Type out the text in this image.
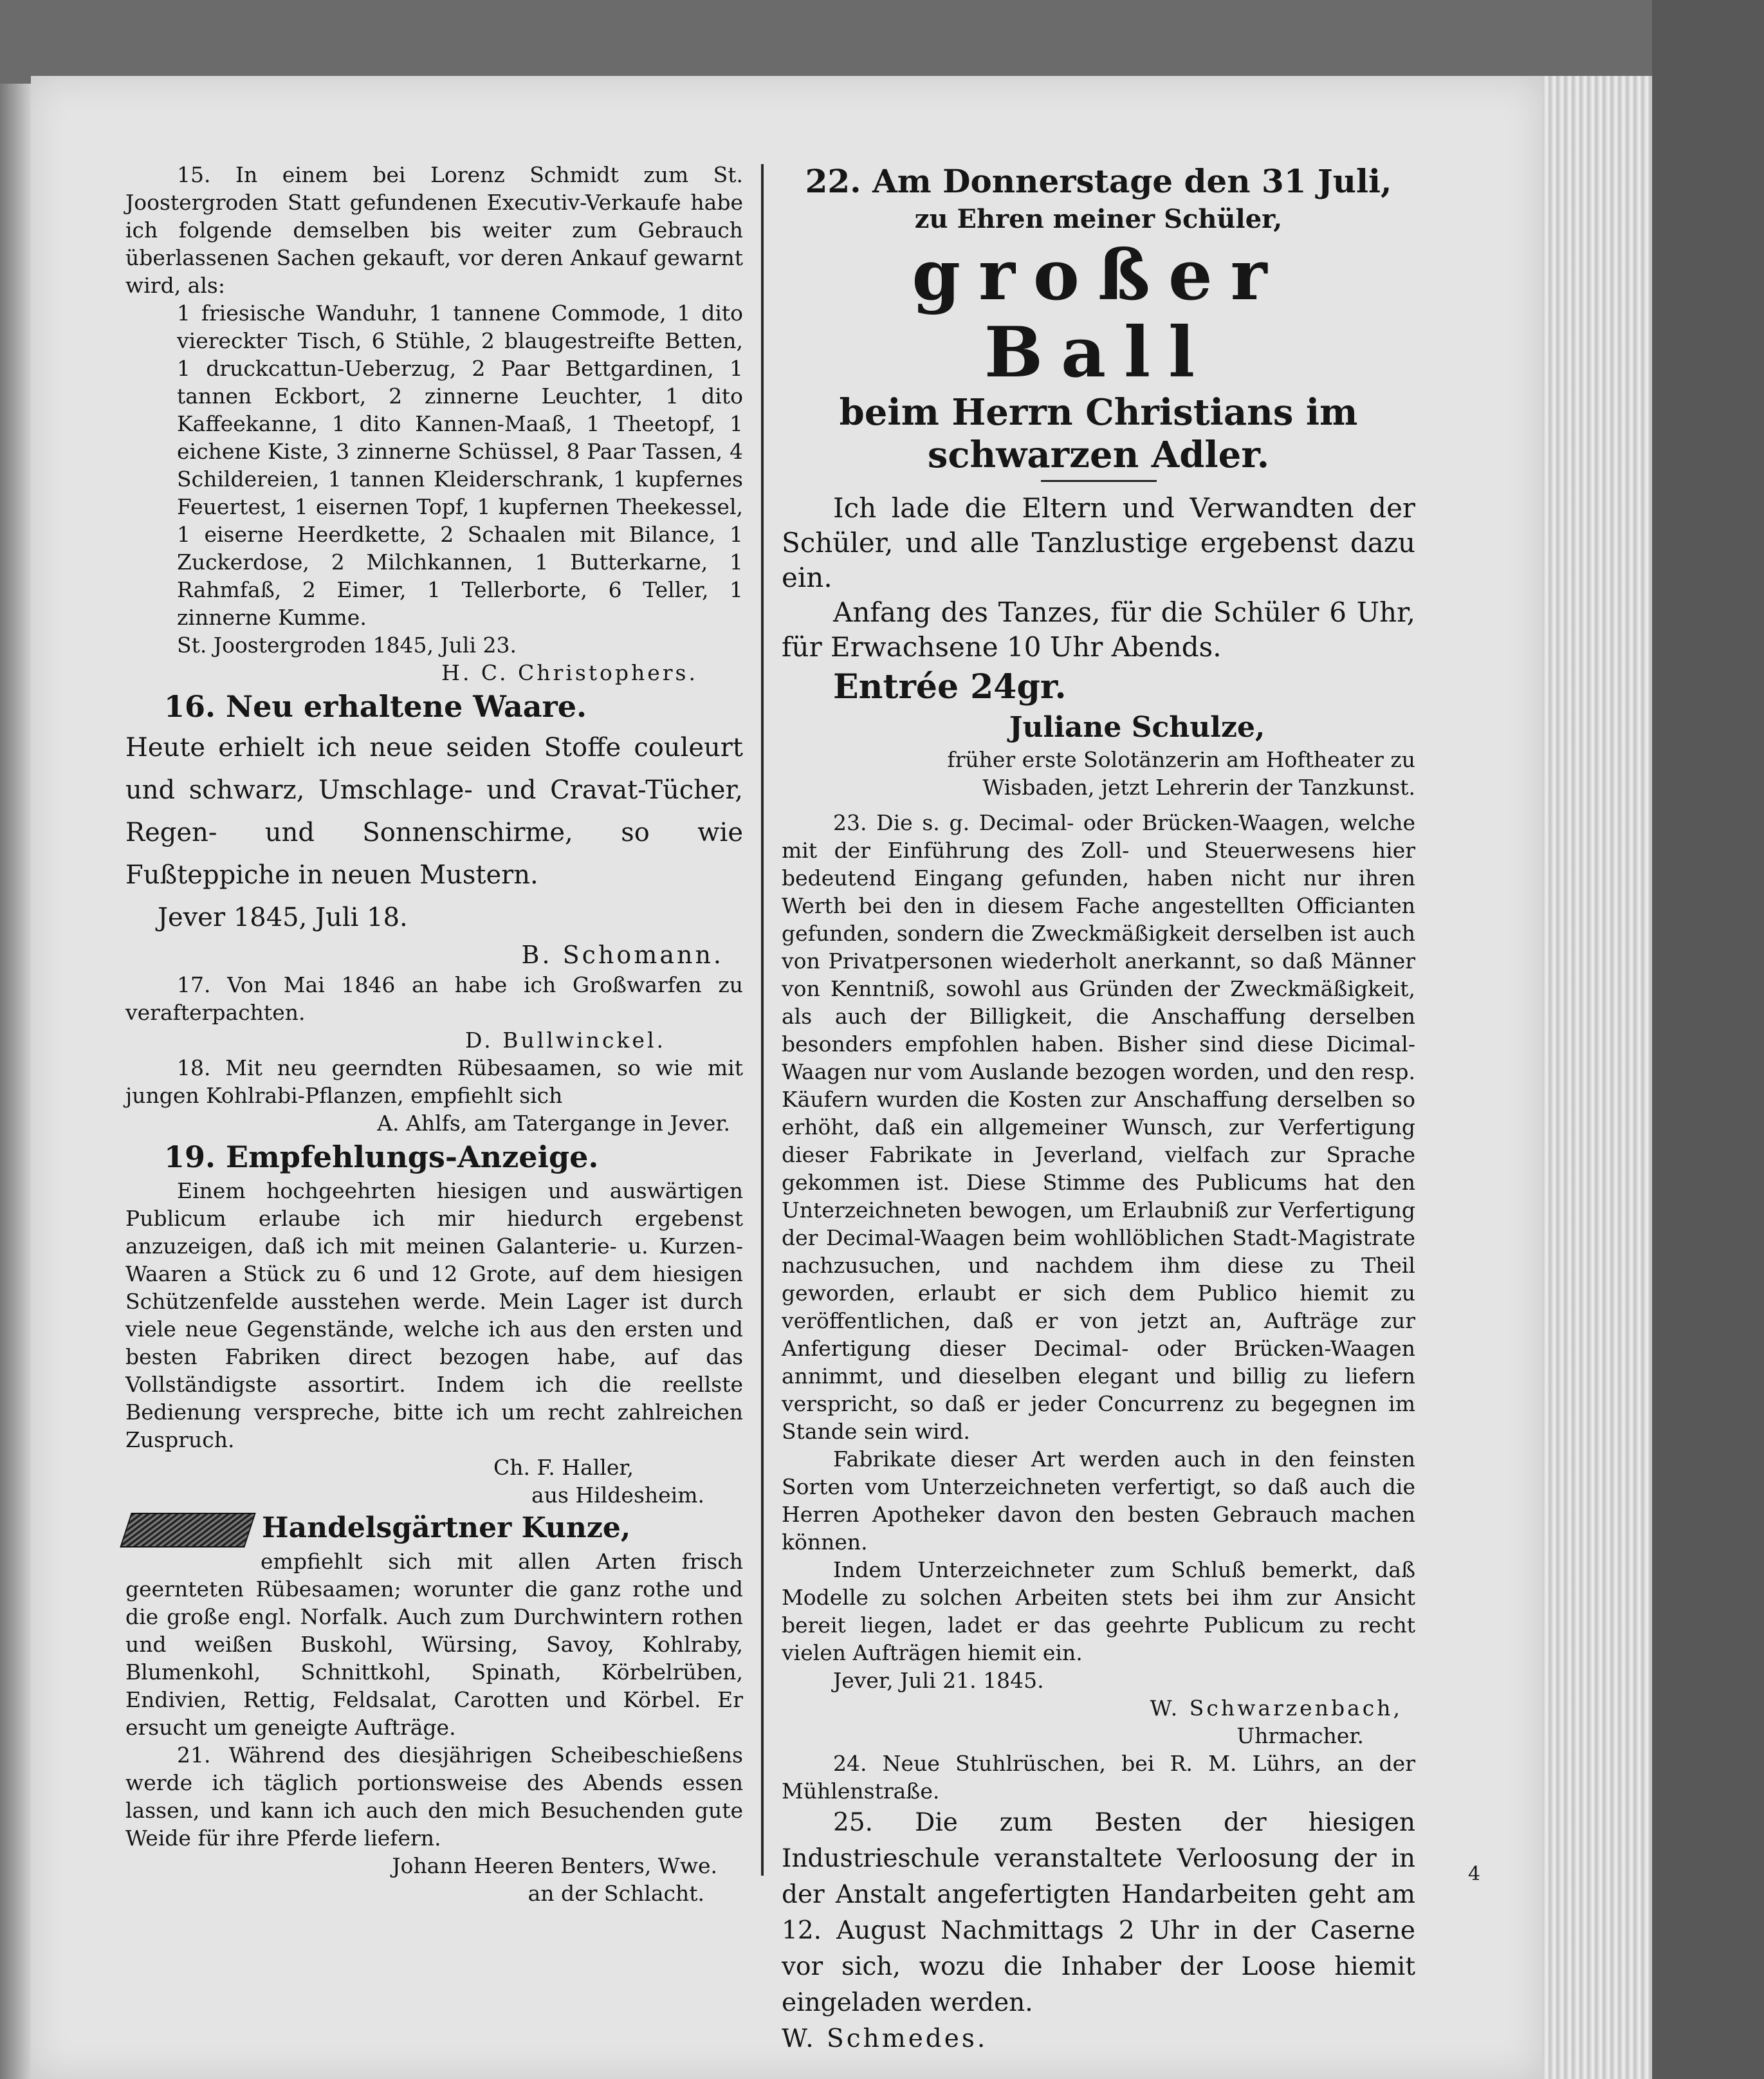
15. In einem bei Lorenz Schmidt zum St. Joostergroden Statt gefundenen Executiv-Verkaufe habe ich folgende demselben bis weiter zum Gebrauch überlassenen Sachen gekauft, vor deren Ankauf gewarnt wird, als:

1 friesische Wanduhr, 1 tannene Commode, 1 dito vierecktег Tisch, 6 Stühle, 2 blaugestreifte Betten, 1 druckcattun-Ueberzug, 2 Paar Bettgardinen, 1 tannen Eckbort, 2 zinnerne Leuchter, 1 dito Kaffeekanne, 1 dito Kannen-Maaß, 1 Theetopf, 1 eichene Kiste, 3 zinnerne Schüssel, 8 Paar Tassen, 4 Schildereien, 1 tannen Kleiderschrank, 1 kupfernes Feuertest, 1 eisernen Topf, 1 kupfernen Theekessel, 1 eiserne Heerdkette, 2 Schaalen mit Bilance, 1 Zuckerdose, 2 Milchkannen, 1 Butterkarne, 1 Rahmfaß, 2 Eimer, 1 Tellerborte, 6 Teller, 1 zinnerne Kumme.

St. Joostergroden 1845, Juli 23.

H. C. Christophers.

16. Neu erhaltene Waare.

Heute erhielt ich neue seiden Stoffe couleurt und schwarz, Umschlage- und Cravat-Tücher, Regen- und Sonnenschirme, so wie Fußteppiche in neuen Mustern.

Jever 1845, Juli 18.

B. Schomann.

17. Von Mai 1846 an habe ich Großwarfen zu verafterpachten.

D. Bullwinckel.

18. Mit neu geerndten Rübesaamen, so wie mit jungen Kohlrabi-Pflanzen, empfiehlt sich

A. Ahlfs, am Tatergange in Jever.

19. Empfehlungs-Anzeige.

Einem hochgeehrten hiesigen und auswärtigen Publicum erlaube ich mir hiedurch ergebenst anzuzeigen, daß ich mit meinen Galanterie- u. Kurzen-Waaren a Stück zu 6 und 12 Grote, auf dem hiesigen Schützenfelde ausstehen werde. Mein Lager ist durch viele neue Gegenstände, welche ich aus den ersten und besten Fabriken direct bezogen habe, auf das Vollständigste assortirt. Indem ich die reellste Bedienung verspreche, bitte ich um recht zahlreichen Zuspruch.

Ch. F. Haller,

aus Hildesheim.

Handelsgärtner Kunze,

empfiehlt sich mit allen Arten frisch geernteten Rübesaamen; worunter die ganz rothe und die große engl. Norfalk. Auch zum Durchwintern rothen und weißen Buskohl, Würsing, Savoy, Kohlraby, Blumenkohl, Schnittkohl, Spinath, Körbelrüben, Endivien, Rettig, Feldsalat, Carotten und Körbel. Er ersucht um geneigte Aufträge.

21. Während des diesjährigen Scheibeschießens werde ich täglich portionsweise des Abends essen lassen, und kann ich auch den mich Besuchenden gute Weide für ihre Pferde liefern.

Johann Heeren Benters, Wwe.

an der Schlacht.

22. Am Donnerstage den 31 Juli,

zu Ehren meiner Schüler,

großer Ball

beim Herrn Christians im schwarzen Adler.

Ich lade die Eltern und Verwandten der Schüler, und alle Tanzlustige ergebenst dazu ein.

Anfang des Tanzes, für die Schüler 6 Uhr, für Erwachsene 10 Uhr Abends.

Entrée 24gr.

Juliane Schulze,

früher erste Solotänzerin am Hoftheater zu Wisbaden, jetzt Lehrerin der Tanzkunst.

23. Die s. g. Decimal- oder Brücken-Waagen, welche mit der Einführung des Zoll- und Steuerwesens hier bedeutend Eingang gefunden, haben nicht nur ihren Werth bei den in diesem Fache angestellten Officianten gefunden, sondern die Zweckmäßigkeit derselben ist auch von Privatpersonen wiederholt anerkannt, so daß Männer von Kenntniß, sowohl aus Gründen der Zweckmäßigkeit, als auch der Billigkeit, die Anschaffung derselben besonders empfohlen haben. Bisher sind diese Dicimal-Waagen nur vom Auslande bezogen worden, und den resp. Käufern wurden die Kosten zur Anschaffung derselben so erhöht, daß ein allgemeiner Wunsch, zur Verfertigung dieser Fabrikate in Jeverland, vielfach zur Sprache gekommen ist. Diese Stimme des Publicums hat den Unterzeichneten bewogen, um Erlaubniß zur Verfertigung der Decimal-Waagen beim wohllöblichen Stadt-Magistrate nachzusuchen, und nachdem ihm diese zu Theil geworden, erlaubt er sich dem Publico hiemit zu veröffentlichen, daß er von jetzt an, Aufträge zur Anfertigung dieser Decimal- oder Brücken-Waagen annimmt, und dieselben elegant und billig zu liefern verspricht, so daß er jeder Concurrenz zu begegnen im Stande sein wird.

Fabrikate dieser Art werden auch in den feinsten Sorten vom Unterzeichneten verfertigt, so daß auch die Herren Apotheker davon den besten Gebrauch machen können.

Indem Unterzeichneter zum Schluß bemerkt, daß Modelle zu solchen Arbeiten stets bei ihm zur Ansicht bereit liegen, ladet er das geehrte Publicum zu recht vielen Aufträgen hiemit ein.

Jever, Juli 21. 1845.

W. Schwarzenbach,

Uhrmacher.

24. Neue Stuhlrüschen, bei R. M. Lührs, an der Mühlenstraße.

25. Die zum Besten der hiesigen Industrieschule veranstaltete Verloosung der in der Anstalt angefertigten Handarbeiten geht am 12. August Nachmittags 2 Uhr in der Caserne vor sich, wozu die Inhaber der Loose hiemit eingeladen werden.

W. Schmedes.

4
